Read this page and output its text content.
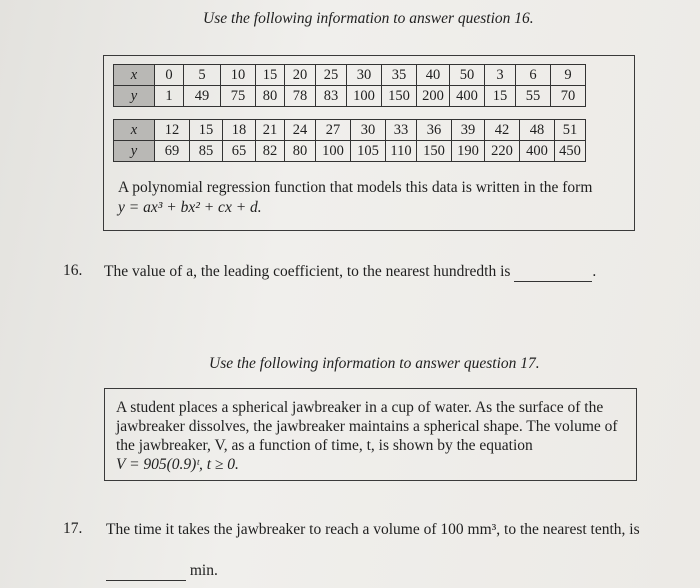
Use the following information to answer question 16.
x	0	5	10	15	20	25	30	35	40	50	3	6	9
y	1	49	75	80	78	83	100	150	200	400	15	55	70
x	12	15	18	21	24	27	30	33	36	39	42	48	51
y	69	85	65	82	80	100	105	110	150	190	220	400	450
A polynomial regression function that models this data is written in the form
y = ax³ + bx² + cx + d.
16. The value of a, the leading coefficient, to the nearest hundredth is	.
Use the following information to answer question 17.
A student places a spherical jawbreaker in a cup of water. As the surface of the
jawbreaker dissolves, the jawbreaker maintains a spherical shape. The volume of
the jawbreaker, V, as a function of time, t, is shown by the equation
V = 905(0.9)ᵗ, t ≥ 0.
17. The time it takes the jawbreaker to reach a volume of 100 mm³, to the nearest tenth, is
min.
